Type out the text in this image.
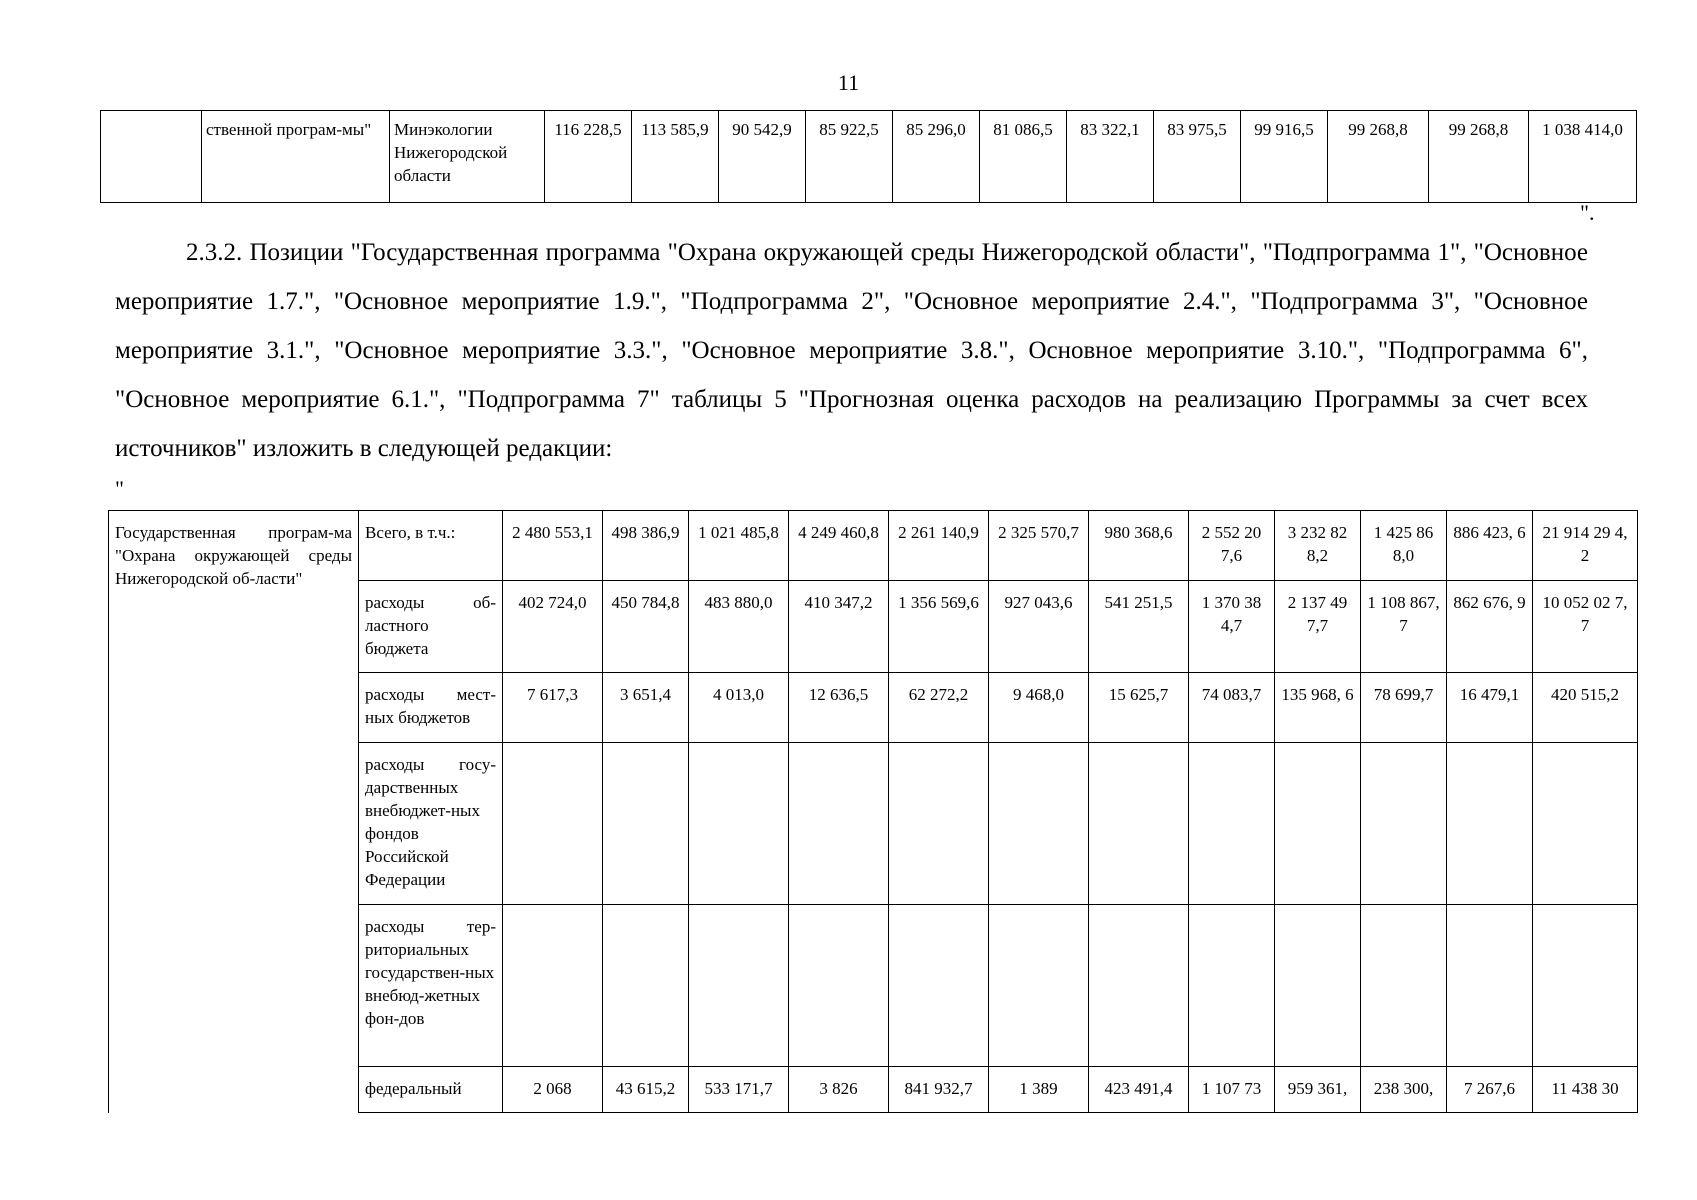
11
	ственной програм-мы"	Минэкологии Нижегородской области	116 228,5	113 585,9	90 542,9	85 922,5	85 296,0	81 086,5	83 322,1	83 975,5	99 916,5	99 268,8	99 268,8	1 038 414,0
".

2.3.2. Позиции "Государственная программа "Охрана окружающей среды Нижегородской области", "Подпрограмма 1", "Основное мероприятие 1.7.", "Основное мероприятие 1.9.", "Подпрограмма 2", "Основное мероприятие 2.4.", "Подпрограмма 3", "Основное мероприятие 3.1.", "Основное мероприятие 3.3.", "Основное мероприятие 3.8.", Основное мероприятие 3.10.", "Подпрограмма 6", "Основное мероприятие 6.1.", "Подпрограмма 7" таблицы 5 "Прогнозная оценка расходов на реализацию Программы за счет всех источников" изложить в следующей редакции:

"
Государственная програм-ма "Охрана окружающей среды Нижегородской об-ласти"	Всего, в т.ч.:	2 480 553,1	498 386,9	1 021 485,8	4 249 460,8	2 261 140,9	2 325 570,7	980 368,6	2 552 20 7,6	3 232 82 8,2	1 425 86 8,0	886 423, 6	21 914 29 4,2
	расходы об-ластного бюджета	402 724,0	450 784,8	483 880,0	410 347,2	1 356 569,6	927 043,6	541 251,5	1 370 38 4,7	2 137 49 7,7	1 108 867,7	862 676, 9	10 052 02 7,7
	расходы мест-ных бюджетов	7 617,3	3 651,4	4 013,0	12 636,5	62 272,2	9 468,0	15 625,7	74 083,7	135 968, 6	78 699,7	16 479,1	420 515,2
	расходы госу-дарственных внебюджет-ных фондов Российской Федерации												
	расходы тер-риториальных государствен-ных внебюд-жетных фон-дов												
	федеральный	2 068	43 615,2	533 171,7	3 826	841 932,7	1 389	423 491,4	1 107 73	959 361,	238 300,	7 267,6	11 438 30
